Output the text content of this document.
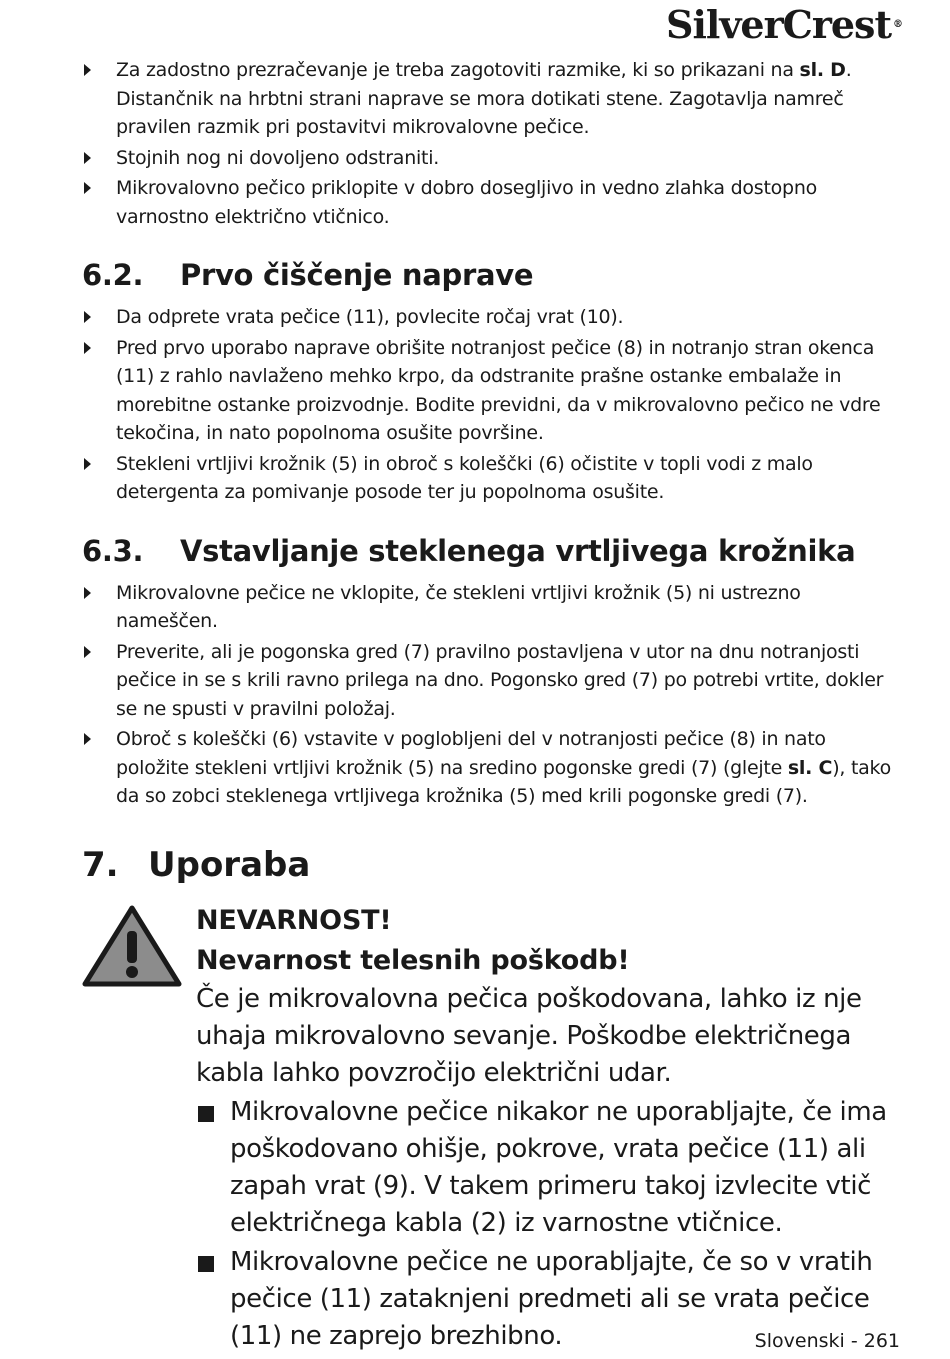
SilverCrest ®
Za zadostno prezračevanje je treba zagotoviti razmike, ki so prikazani na sl. D. Distančnik na hrbtni strani naprave se mora dotikati stene. Zagotavlja namreč pravilen razmik pri postavitvi mikrovalovne pečice.
Stojnih nog ni dovoljeno odstraniti.
Mikrovalovno pečico priklopite v dobro dosegljivo in vedno zlahka dostopno varnostno električno vtičnico.
6.2. Prvo čiščenje naprave
Da odprete vrata pečice (11), povlecite ročaj vrat (10).
Pred prvo uporabo naprave obrišite notranjost pečice (8) in notranjo stran okenca (11) z rahlo navlaženo mehko krpo, da odstranite prašne ostanke embalaže in morebitne ostanke proizvodnje. Bodite previdni, da v mikrovalovno pečico ne vdre tekočina, in nato popolnoma osušite površine.
Stekleni vrtljivi krožnik (5) in obroč s koleščki (6) očistite v topli vodi z malo detergenta za pomivanje posode ter ju popolnoma osušite.
6.3. Vstavljanje steklenega vrtljivega krožnika
Mikrovalovne pečice ne vklopite, če stekleni vrtljivi krožnik (5) ni ustrezno nameščen.
Preverite, ali je pogonska gred (7) pravilno postavljena v utor na dnu notranjosti pečice in se s krili ravno prilega na dno. Pogonsko gred (7) po potrebi vrtite, dokler se ne spusti v pravilni položaj.
Obroč s koleščki (6) vstavite v poglobljeni del v notranjosti pečice (8) in nato položite stekleni vrtljivi krožnik (5) na sredino pogonske gredi (7) (glejte sl. C), tako da so zobci steklenega vrtljivega krožnika (5) med krili pogonske gredi (7).
7. Uporaba
NEVARNOST!
Nevarnost telesnih poškodb!
Če je mikrovalovna pečica poškodovana, lahko iz nje uhaja mikrovalovno sevanje. Poškodbe električnega kabla lahko povzročijo električni udar.
Mikrovalovne pečice nikakor ne uporabljajte, če ima poškodovano ohišje, pokrove, vrata pečice (11) ali zapah vrat (9). V takem primeru takoj izvlecite vtič električnega kabla (2) iz varnostne vtičnice.
Mikrovalovne pečice ne uporabljajte, če so v vratih pečice (11) zataknjeni predmeti ali se vrata pečice (11) ne zaprejo brezhibno.	Slovenski - 261
